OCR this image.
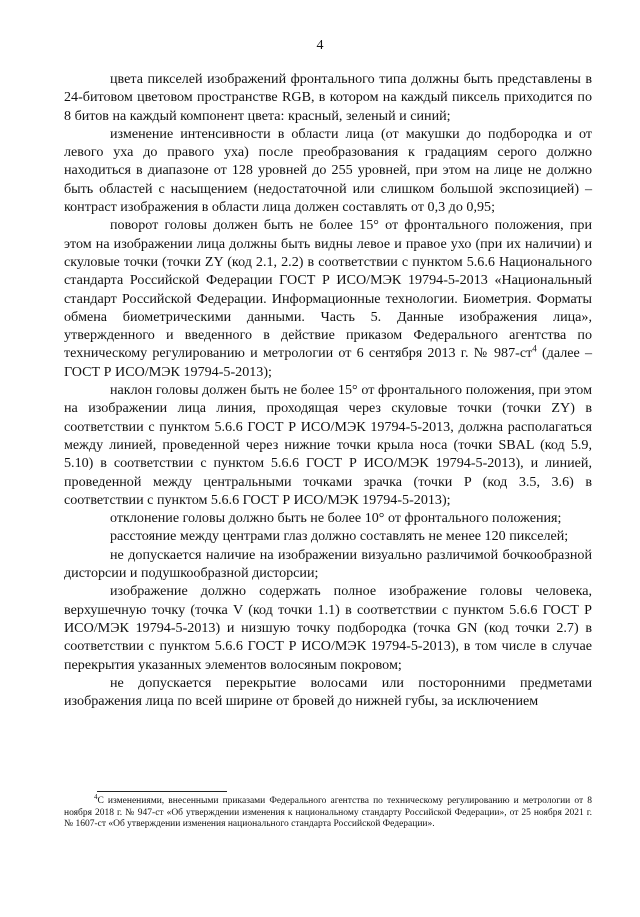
4

цвета пикселей изображений фронтального типа должны быть представлены в 24-битовом цветовом пространстве RGB, в котором на каждый пиксель приходится по 8 битов на каждый компонент цвета: красный, зеленый и синий;

изменение интенсивности в области лица (от макушки до подбородка и от левого уха до правого уха) после преобразования к градациям серого должно находиться в диапазоне от 128 уровней до 255 уровней, при этом на лице не должно быть областей с насыщением (недостаточной или слишком большой экспозицией) – контраст изображения в области лица должен составлять от 0,3 до 0,95;

поворот головы должен быть не более 15° от фронтального положения, при этом на изображении лица должны быть видны левое и правое ухо (при их наличии) и скуловые точки (точки ZY (код 2.1, 2.2) в соответствии с пунктом 5.6.6 Национального стандарта Российской Федерации ГОСТ Р ИСО/МЭК 19794-5-2013 «Национальный стандарт Российской Федерации. Информационные технологии. Биометрия. Форматы обмена биометрическими данными. Часть 5. Данные изображения лица», утвержденного и введенного в действие приказом Федерального агентства по техническому регулированию и метрологии от 6 сентября 2013 г. № $987-ст^4$ (далее – ГОСТ Р ИСО/МЭК 19794-5-2013);

наклон головы должен быть не более 15° от фронтального положения, при этом на изображении лица линия, проходящая через скуловые точки (точки ZY) в соответствии с пунктом 5.6.6 ГОСТ Р ИСО/МЭК 19794-5-2013, должна располагаться между линией, проведенной через нижние точки крыла носа (точки SBAL (код 5.9, 5.10) в соответствии с пунктом 5.6.6 ГОСТ Р ИСО/МЭК 19794-5-2013), и линией, проведенной между центральными точками зрачка (точки P (код 3.5, 3.6) в соответствии с пунктом 5.6.6 ГОСТ Р ИСО/МЭК 19794-5-2013);

отклонение головы должно быть не более 10° от фронтального положения;

расстояние между центрами глаз должно составлять не менее 120 пикселей;

не допускается наличие на изображении визуально различимой бочкообразной дисторсии и подушкообразной дисторсии;

изображение должно содержать полное изображение головы человека, верхушечную точку (точка V (код точки 1.1) в соответствии с пунктом 5.6.6 ГОСТ Р ИСО/МЭК 19794-5-2013) и низшую точку подбородка (точка GN (код точки 2.7) в соответствии с пунктом 5.6.6 ГОСТ Р ИСО/МЭК 19794-5-2013), в том числе в случае перекрытия указанных элементов волосяным покровом;

не допускается перекрытие волосами или посторонними предметами изображения лица по всей ширине от бровей до нижней губы, за исключением

$^4$С изменениями, внесенными приказами Федерального агентства по техническому регулированию и метрологии от 8 ноября 2018 г. № 947-ст «Об утверждении изменения к национальному стандарту Российской Федерации», от 25 ноября 2021 г. № 1607-ст «Об утверждении изменения национального стандарта Российской Федерации».
